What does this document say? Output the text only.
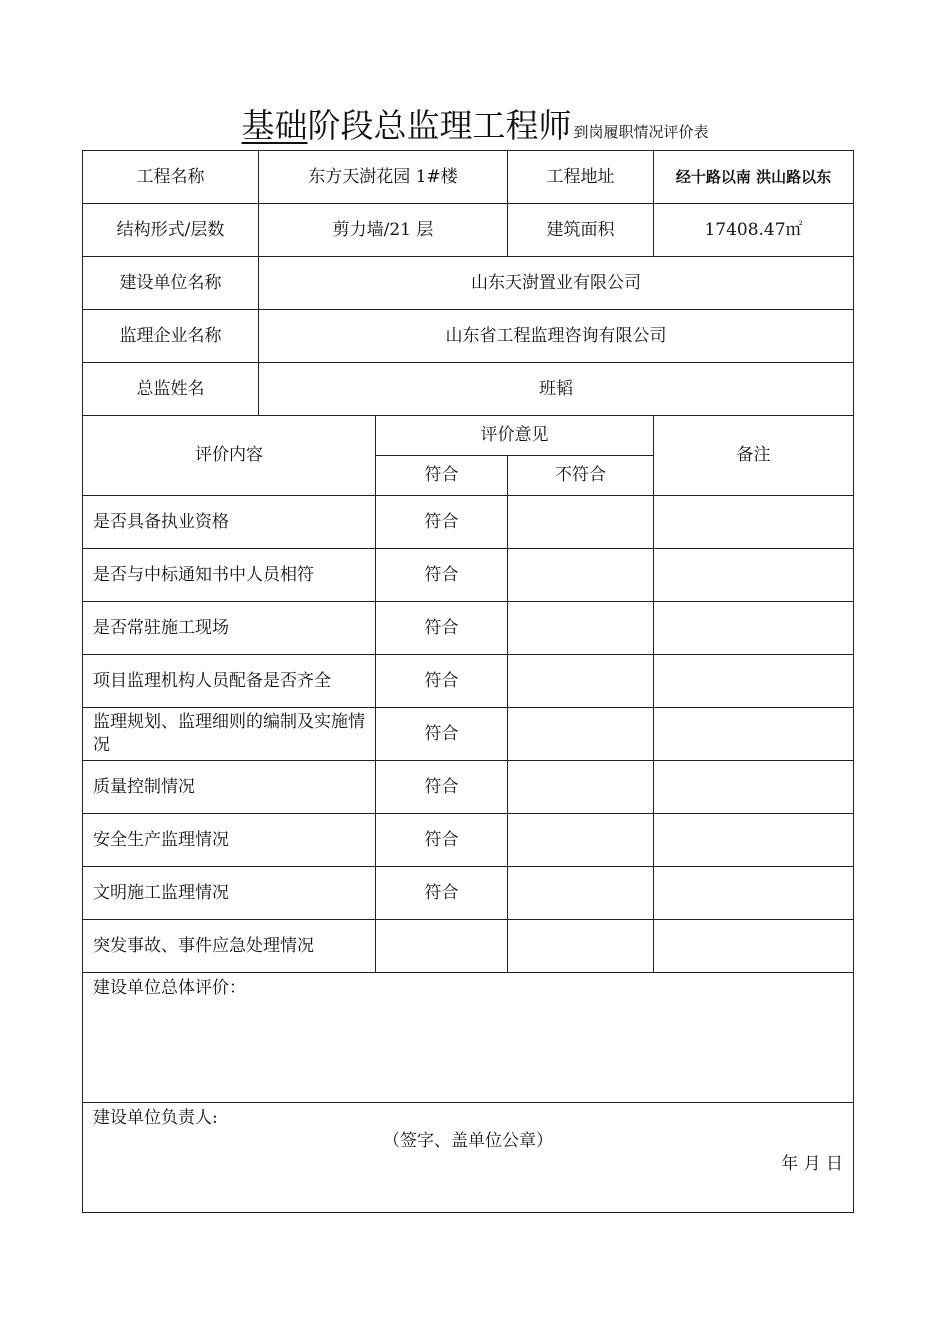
基础阶段总监理工程师 到岗履职情况评价表
工程名称	东方天澍花园 1#楼		工程地址	经十路以南 洪山路以东
结构形式/层数	剪力墙/21 层		建筑面积	17408.47㎡
建设单位名称	山东天澍置业有限公司			
监理企业名称	山东省工程监理咨询有限公司			
总监姓名	班韬			
评价内容		评价意见		备注
		符合	不符合	
是否具备执业资格		符合		
是否与中标通知书中人员相符		符合		
是否常驻施工现场		符合		
项目监理机构人员配备是否齐全		符合		
监理规划、监理细则的编制及实施情况		符合		
质量控制情况		符合		
安全生产监理情况		符合		
文明施工监理情况		符合		
突发事故、事件应急处理情况				
建设单位总体评价：				
建设单位负责人:
（签字、盖单位公章）
年 月 日				
